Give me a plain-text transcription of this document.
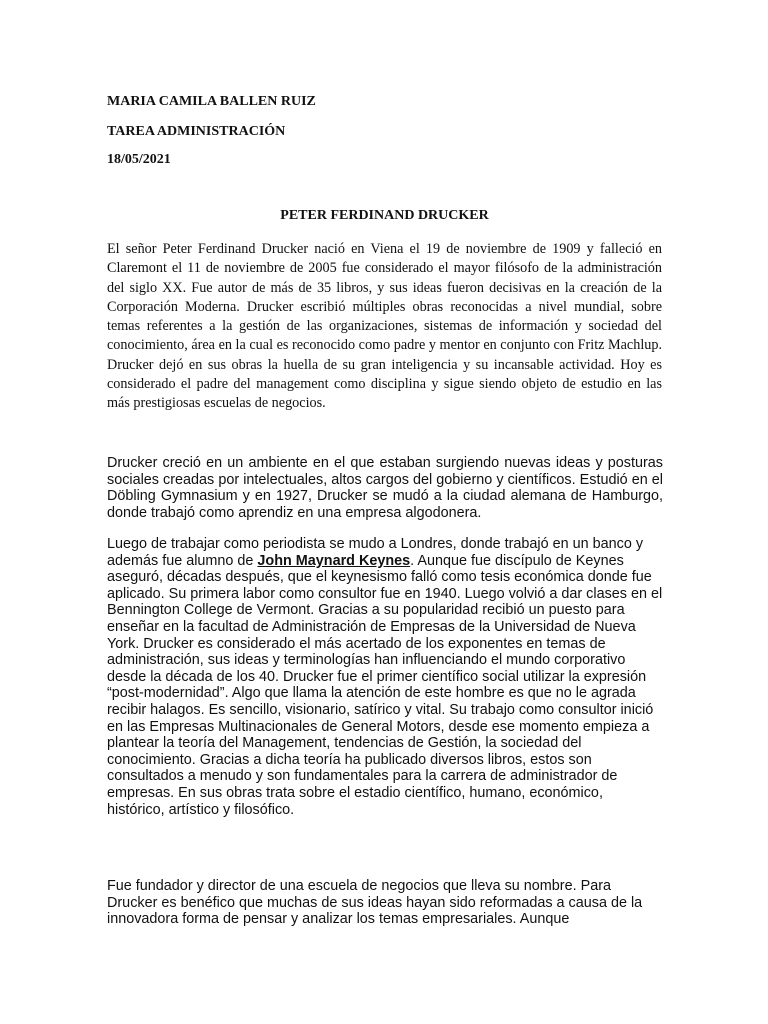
MARIA CAMILA BALLEN RUIZ

TAREA ADMINISTRACIÓN

18/05/2021

PETER FERDINAND DRUCKER

El señor Peter Ferdinand Drucker nació en Viena el 19 de noviembre de 1909 y falleció en Claremont el 11 de noviembre de 2005 fue considerado el mayor filósofo de la administración del siglo XX. Fue autor de más de 35 libros, y sus ideas fueron decisivas en la creación de la Corporación Moderna. Drucker escribió múltiples obras reconocidas a nivel mundial, sobre temas referentes a la gestión de las organizaciones, sistemas de información y sociedad del conocimiento, área en la cual es reconocido como padre y mentor en conjunto con Fritz Machlup. Drucker dejó en sus obras la huella de su gran inteligencia y su incansable actividad. Hoy es considerado el padre del management como disciplina y sigue siendo objeto de estudio en las más prestigiosas escuelas de negocios.

Drucker creció en un ambiente en el que estaban surgiendo nuevas ideas y posturas sociales creadas por intelectuales, altos cargos del gobierno y científicos. Estudió en el Döbling Gymnasium y en 1927, Drucker se mudó a la ciudad alemana de Hamburgo, donde trabajó como aprendiz en una empresa algodonera.

Luego de trabajar como periodista se mudo a Londres, donde trabajó en un banco y además fue alumno de John Maynard Keynes. Aunque fue discípulo de Keynes aseguró, décadas después, que el keynesismo falló como tesis económica donde fue aplicado. Su primera labor como consultor fue en 1940. Luego volvió a dar clases en el Bennington College de Vermont. Gracias a su popularidad recibió un puesto para enseñar en la facultad de Administración de Empresas de la Universidad de Nueva York. Drucker es considerado el más acertado de los exponentes en temas de administración, sus ideas y terminologías han influenciando el mundo corporativo desde la década de los 40. Drucker fue el primer científico social utilizar la expresión “post-modernidad”. Algo que llama la atención de este hombre es que no le agrada recibir halagos. Es sencillo, visionario, satírico y vital. Su trabajo como consultor inició en las Empresas Multinacionales de General Motors, desde ese momento empieza a plantear la teoría del Management, tendencias de Gestión, la sociedad del conocimiento. Gracias a dicha teoría ha publicado diversos libros, estos son consultados a menudo y son fundamentales para la carrera de administrador de empresas. En sus obras trata sobre el estadio científico, humano, económico, histórico, artístico y filosófico.

Fue fundador y director de una escuela de negocios que lleva su nombre. Para Drucker es benéfico que muchas de sus ideas hayan sido reformadas a causa de la innovadora forma de pensar y analizar los temas empresariales. Aunque
